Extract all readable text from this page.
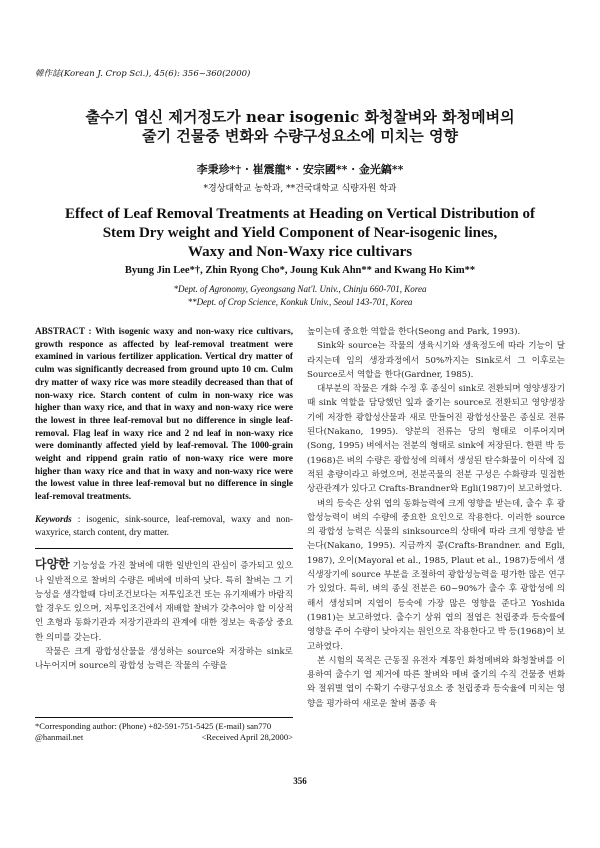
韓作誌(Korean J. Crop Sci.), 45(6): 356~360(2000)
출수기 엽신 제거정도가 near isogenic 화청찰벼와 화청메벼의
줄기 건물중 변화와 수량구성요소에 미치는 영향
李秉珍*† · 崔震龍* · 安宗國** · 金光鎬**
*경상대학교 농학과, **건국대학교 식량자원 학과
Effect of Leaf Removal Treatments at Heading on Vertical Distribution of
Stem Dry weight and Yield Component of Near-isogenic lines,
Waxy and Non-Waxy rice cultivars
Byung Jin Lee*†, Zhin Ryong Cho*, Joung Kuk Ahn** and Kwang Ho Kim**
*Dept. of Agronomy, Gyeongsang Nat'l. Univ., Chinju 660-701, Korea
**Dept. of Crop Science, Konkuk Univ., Seoul 143-701, Korea

ABSTRACT : With isogenic waxy and non-waxy rice cultivars, growth responce as affected by leaf-removal treatment were examined in various fertilizer application. Vertical dry matter of culm was significantly decreased from ground upto 10 cm. Culm dry matter of waxy rice was more steadily decreased than that of non-waxy rice. Starch content of culm in non-waxy rice was higher than waxy rice, and that in waxy and non-waxy rice were the lowest in three leaf-removal but no difference in single leaf-removal. Flag leaf in waxy rice and 2 nd leaf in non-waxy rice were dominantly affected yield by leaf-removal. The 1000-grain weight and rippend grain ratio of non-waxy rice were more higher than waxy rice and that in waxy and non-waxy rice were the lowest value in three leaf-removal but no difference in single leaf-removal treatments.

Keywords : isogenic, sink-source, leaf-removal, waxy and non-waxyrice, starch content, dry matter.

다양한 기능성을 가진 찰벼에 대한 일반인의 관심이 증가되고 있으나 일반적으로 찰벼의 수량은 메벼에 비하여 낮다. 특히 찰벼는 그 기능성을 생각할때 다비조건보다는 저투입조건 또는 유기재배가 바람직할 경우도 있으며, 저투입조건에서 재배할 찰벼가 갖추어야 할 이상적인 초형과 동화기관과 저장기관과의 관계에 대한 정보는 육종상 중요한 의미를 갖는다.

작물은 크게 광합성산물을 생성하는 source와 저장하는 sink로 나누어지며 source의 광합성 능력은 작물의 수량을

높이는데 중요한 역할을 한다(Seong and Park, 1993).

Sink와 source는 작물의 생육시기와 생육정도에 따라 기능이 달라지는데 임의 생장과정에서 50%까지는 Sink로서 그 이후로는 Source로서 역할을 한다(Gardner, 1985).

대부분의 작물은 개화 수정 후 종실이 sink로 전환되며 영양생장기때 sink 역할을 담당했던 잎과 줄기는 source로 전환되고 영양생장기에 저장한 광합성산물과 새로 만들어진 광합성산물은 종실로 전류 된다(Nakano, 1995). 양분의 전류는 당의 형태로 이루어지며(Song, 1995) 벼에서는 전분의 형태로 sink에 저장된다. 한편 박 등(1968)은 벼의 수량은 광합성에 의해서 생성된 탄수화물이 이삭에 집적된 총량이라고 하였으며, 전분곡물의 전분 구성은 수화량과 밀접한 상관관계가 있다고 Crafts-Brandner와 Egli(1987)이 보고하였다.

벼의 등숙은 상위 엽의 동화능력에 크게 영향을 받는데, 출수 후 광합성능력이 벼의 수량에 중요한 요인으로 작용한다. 이러한 source의 광합성 능력은 식물의 sinksource의 상태에 따라 크게 영향을 받는다(Nakano, 1995). 지금까지 콩(Crafts-Brandner. and Egli, 1987), 오이(Mayoral et al., 1985, Plaut et al., 1987)등에서 생식생장기에 source 부분을 조절하여 광합성능력을 평가한 많은 연구가 있었다. 특히, 벼의 종실 전분은 60~90%가 출수 후 광합성에 의해서 생성되며 지엽이 등숙에 가장 많은 영향을 준다고 Yoshida (1981)는 보고하였다. 출수기 상위 엽의 절엽은 천립중과 등숙률에 영향을 주어 수량이 낮아지는 원인으로 작용한다고 박 등(1968)이 보고하였다.

본 시험의 목적은 근동질 유전자 계통인 화청메벼와 화청찰벼를 이용하여 출수기 엽 제거에 따른 찰벼와 메벼 줄기의 수직 건물중 변화와 절위별 엽이 수확기 수량구성요소 중 천립중과 등숙율에 미치는 영향을 평가하여 새로운 찰벼 품종 육

*Corresponding author: (Phone) +82-591-751-5425 (E-mail) san770
@hanmail.net	<Received April 28,2000>
356
